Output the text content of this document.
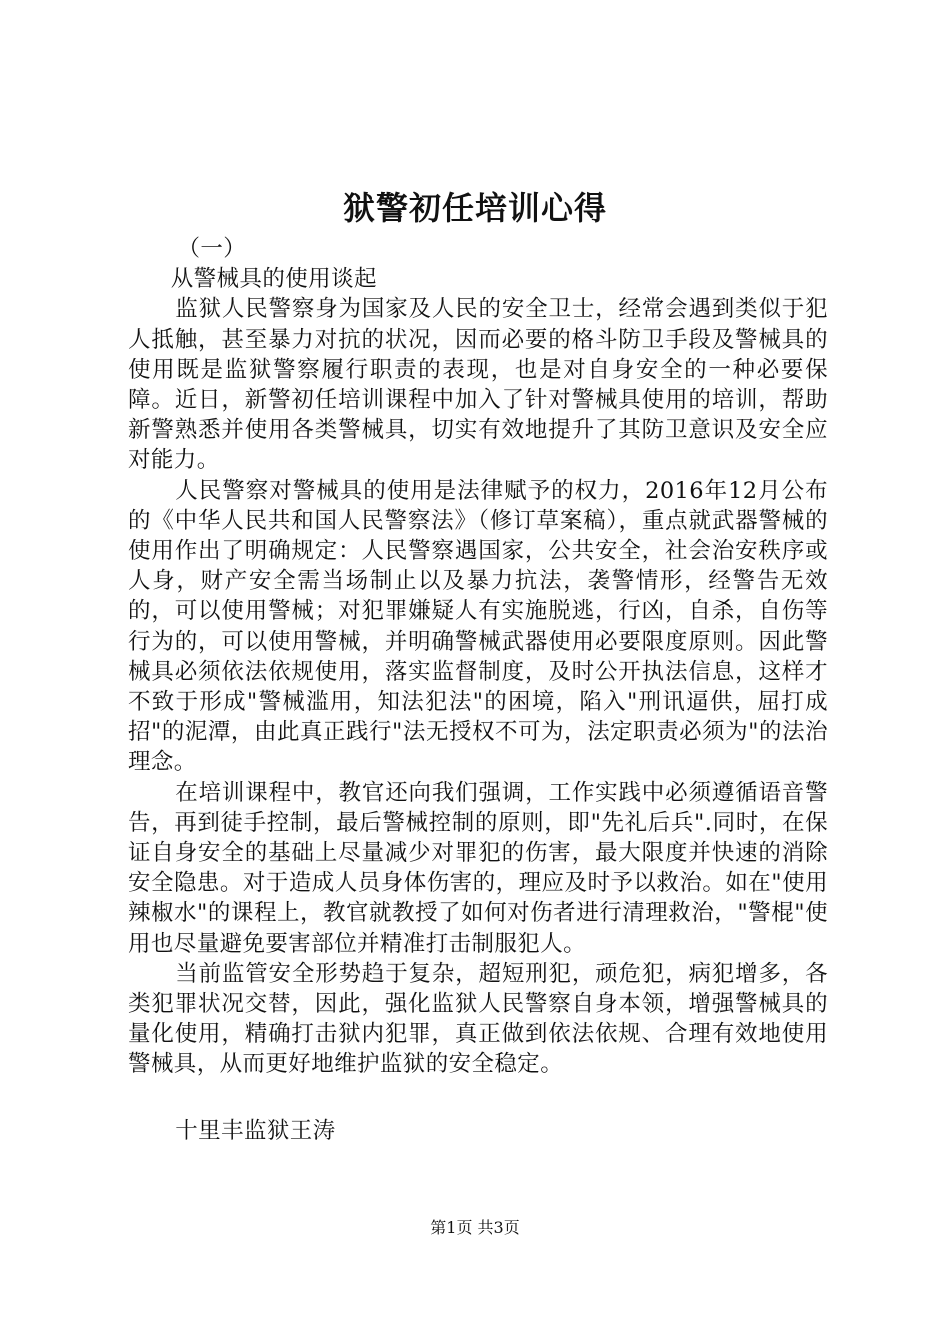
狱警初任培训心得

（一）

从警械具的使用谈起

监狱人民警察身为国家及人民的安全卫士，经常会遇到类似于犯人抵触，甚至暴力对抗的状况，因而必要的格斗防卫手段及警械具的使用既是监狱警察履行职责的表现，也是对自身安全的一种必要保障。近日，新警初任培训课程中加入了针对警械具使用的培训，帮助新警熟悉并使用各类警械具，切实有效地提升了其防卫意识及安全应对能力。

人民警察对警械具的使用是法律赋予的权力，2016年12月公布的《中华人民共和国人民警察法》（修订草案稿），重点就武器警械的使用作出了明确规定：人民警察遇国家，公共安全，社会治安秩序或人身，财产安全需当场制止以及暴力抗法，袭警情形，经警告无效的，可以使用警械；对犯罪嫌疑人有实施脱逃，行凶，自杀，自伤等行为的，可以使用警械，并明确警械武器使用必要限度原则。因此警械具必须依法依规使用，落实监督制度，及时公开执法信息，这样才不致于形成"警械滥用，知法犯法"的困境，陷入"刑讯逼供，屈打成招"的泥潭，由此真正践行"法无授权不可为，法定职责必须为"的法治理念。

在培训课程中，教官还向我们强调，工作实践中必须遵循语音警告，再到徒手控制，最后警械控制的原则，即"先礼后兵".同时，在保证自身安全的基础上尽量减少对罪犯的伤害，最大限度并快速的消除安全隐患。对于造成人员身体伤害的，理应及时予以救治。如在"使用辣椒水"的课程上，教官就教授了如何对伤者进行清理救治，"警棍"使用也尽量避免要害部位并精准打击制服犯人。

当前监管安全形势趋于复杂，超短刑犯，顽危犯，病犯增多，各类犯罪状况交替，因此，强化监狱人民警察自身本领，增强警械具的量化使用，精确打击狱内犯罪，真正做到依法依规、合理有效地使用警械具，从而更好地维护监狱的安全稳定。

十里丰监狱王涛

第1页 共3页
